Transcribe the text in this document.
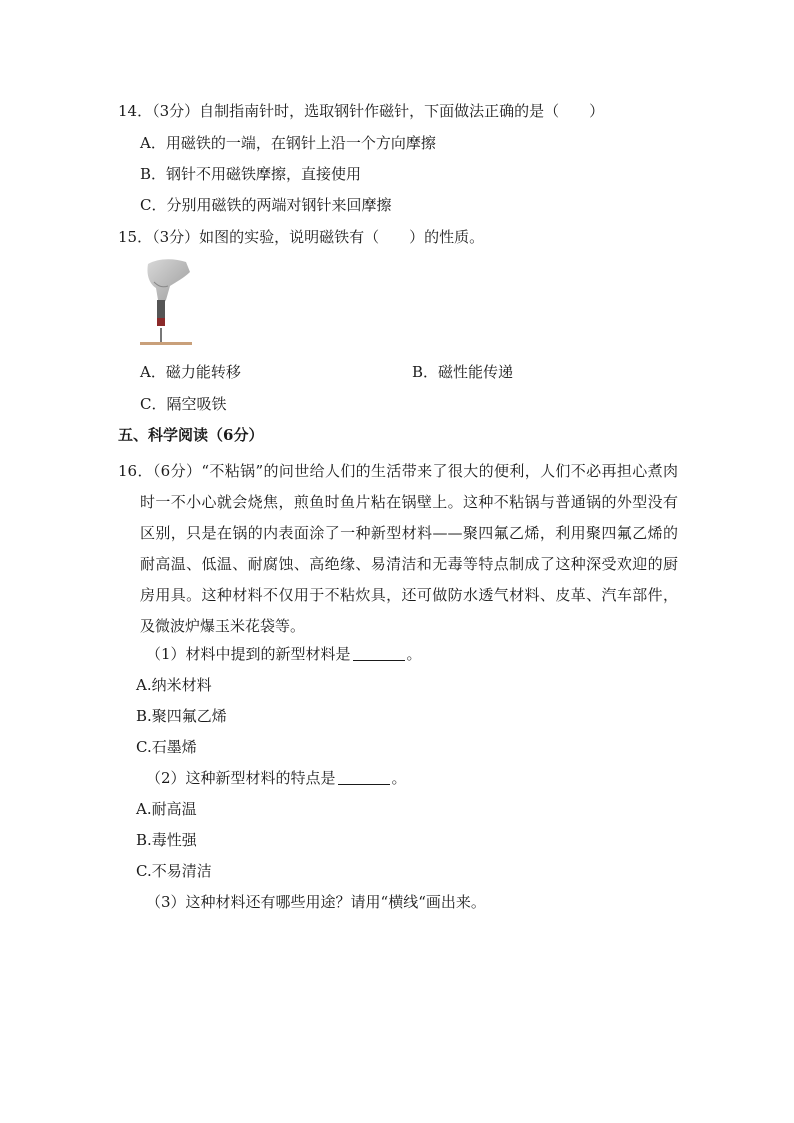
14．（3分）自制指南针时，选取钢针作磁针，下面做法正确的是（　　）
A．用磁铁的一端，在钢针上沿一个方向摩擦
B．钢针不用磁铁摩擦，直接使用
C．分别用磁铁的两端对钢针来回摩擦
15．（3分）如图的实验，说明磁铁有（　　）的性质。
A．磁力能转移	B．磁性能传递
C．隔空吸铁
五、科学阅读（6分）
16．（6分）“不粘锅”的问世给人们的生活带来了很大的便利，人们不必再担心煮肉时一不小心就会烧焦，煎鱼时鱼片粘在锅壁上。这种不粘锅与普通锅的外型没有区别，只是在锅的内表面涂了一种新型材料——聚四氟乙烯，利用聚四氟乙烯的耐高温、低温、耐腐蚀、高绝缘、易清洁和无毒等特点制成了这种深受欢迎的厨房用具。这种材料不仅用于不粘炊具，还可做防水透气材料、皮革、汽车部件，及微波炉爆玉米花袋等。
（1）材料中提到的新型材料是	。
A.纳米材料
B.聚四氟乙烯
C.石墨烯
（2）这种新型材料的特点是	。
A.耐高温
B.毒性强
C.不易清洁
（3）这种材料还有哪些用途？请用“横线“画出来。
